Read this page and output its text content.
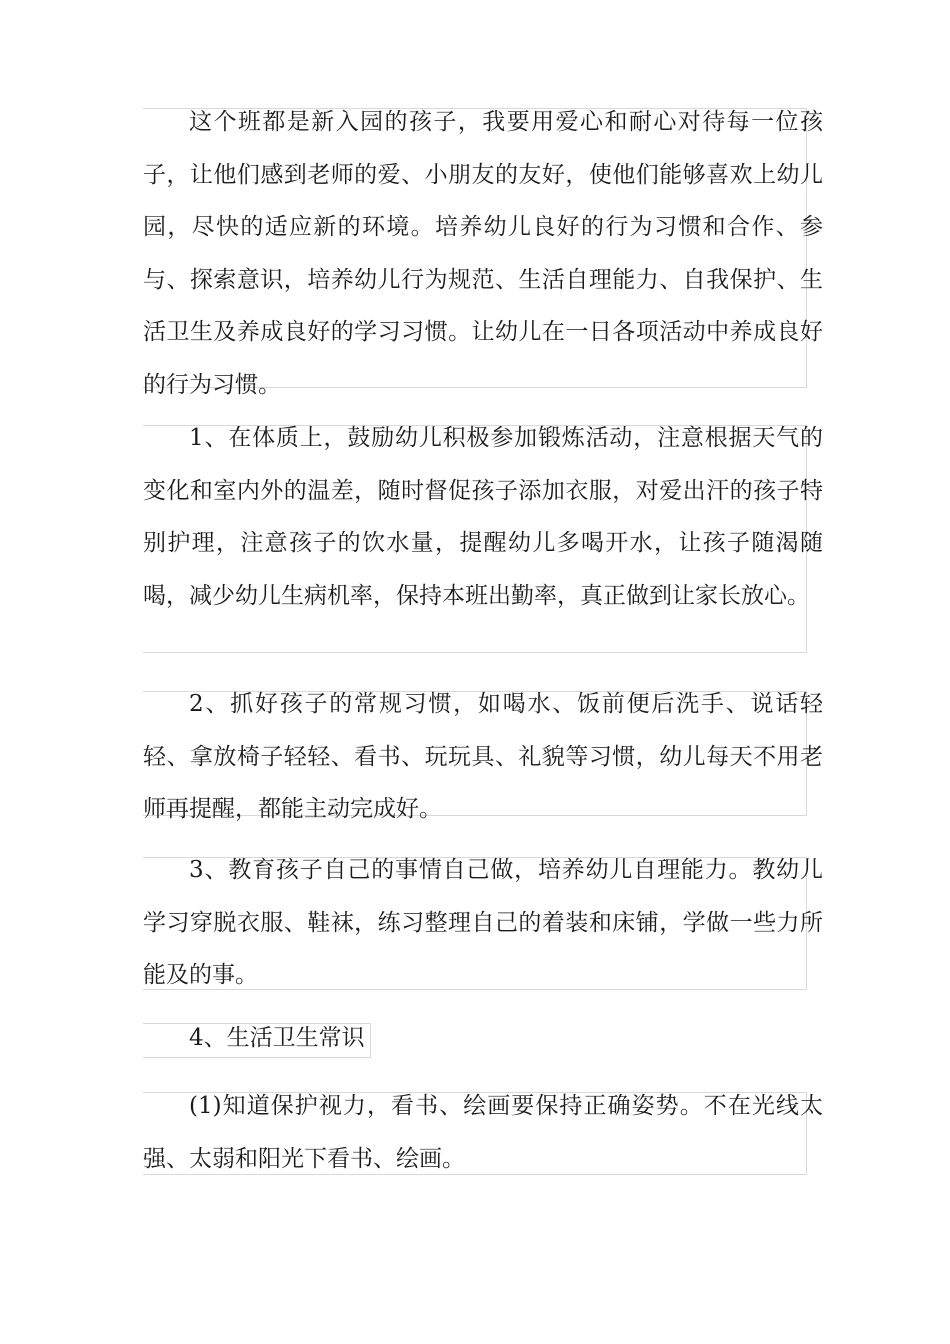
这个班都是新入园的孩子，我要用爱心和耐心对待每一位孩子，让他们感到老师的爱、小朋友的友好，使他们能够喜欢上幼儿园，尽快的适应新的环境。培养幼儿良好的行为习惯和合作、参与、探索意识，培养幼儿行为规范、生活自理能力、自我保护、生活卫生及养成良好的学习习惯。让幼儿在一日各项活动中养成良好的行为习惯。

1、在体质上，鼓励幼儿积极参加锻炼活动，注意根据天气的变化和室内外的温差，随时督促孩子添加衣服，对爱出汗的孩子特别护理，注意孩子的饮水量，提醒幼儿多喝开水，让孩子随渴随喝，减少幼儿生病机率，保持本班出勤率，真正做到让家长放心。

2、抓好孩子的常规习惯，如喝水、饭前便后洗手、说话轻轻、拿放椅子轻轻、看书、玩玩具、礼貌等习惯，幼儿每天不用老师再提醒，都能主动完成好。

3、教育孩子自己的事情自己做，培养幼儿自理能力。教幼儿学习穿脱衣服、鞋袜，练习整理自己的着装和床铺，学做一些力所能及的事。

4、生活卫生常识

(1)知道保护视力，看书、绘画要保持正确姿势。不在光线太强、太弱和阳光下看书、绘画。
